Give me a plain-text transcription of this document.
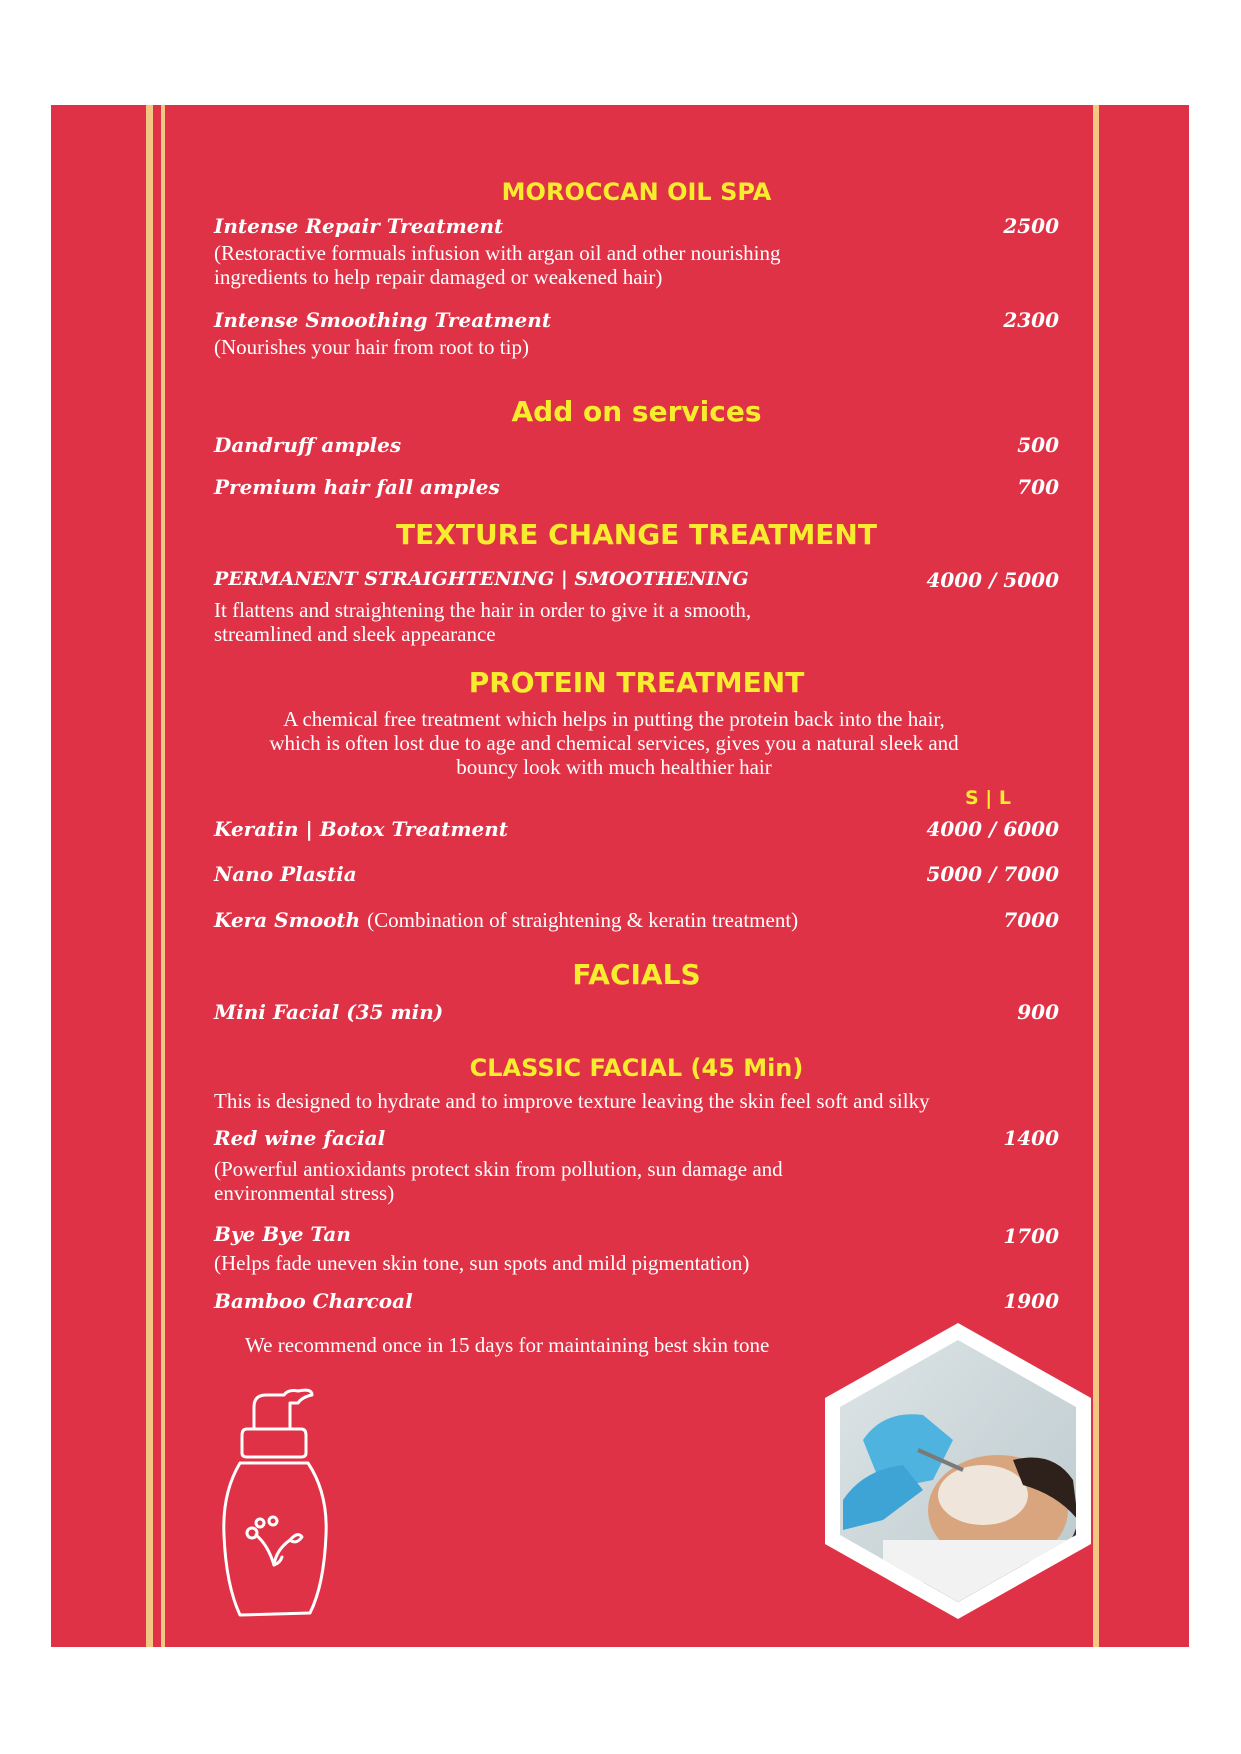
MOROCCAN OIL SPA
Intense Repair Treatment	2500
(Restoractive formuals infusion with argan oil and other nourishing
ingredients to help repair damaged or weakened hair)
Intense Smoothing Treatment	2300
(Nourishes your hair from root to tip)
Add on services
Dandruff amples	500
Premium hair fall amples	700
TEXTURE CHANGE TREATMENT
PERMANENT STRAIGHTENING | SMOOTHENING	4000 / 5000
It flattens and straightening the hair in order to give it a smooth,
streamlined and sleek appearance
PROTEIN TREATMENT
A chemical free treatment which helps in putting the protein back into the hair,
which is often lost due to age and chemical services, gives you a natural sleek and
bouncy look with much healthier hair
S | L
Keratin | Botox Treatment	4000 / 6000
Nano Plastia	5000 / 7000
Kera Smooth (Combination of straightening & keratin treatment)	7000
FACIALS
Mini Facial (35 min)	900
CLASSIC FACIAL (45 Min)
This is designed to hydrate and to improve texture leaving the skin feel soft and silky
Red wine facial	1400
(Powerful antioxidants protect skin from pollution, sun damage and
environmental stress)
Bye Bye Tan	1700
(Helps fade uneven skin tone, sun spots and mild pigmentation)
Bamboo Charcoal	1900
We recommend once in 15 days for maintaining best skin tone
